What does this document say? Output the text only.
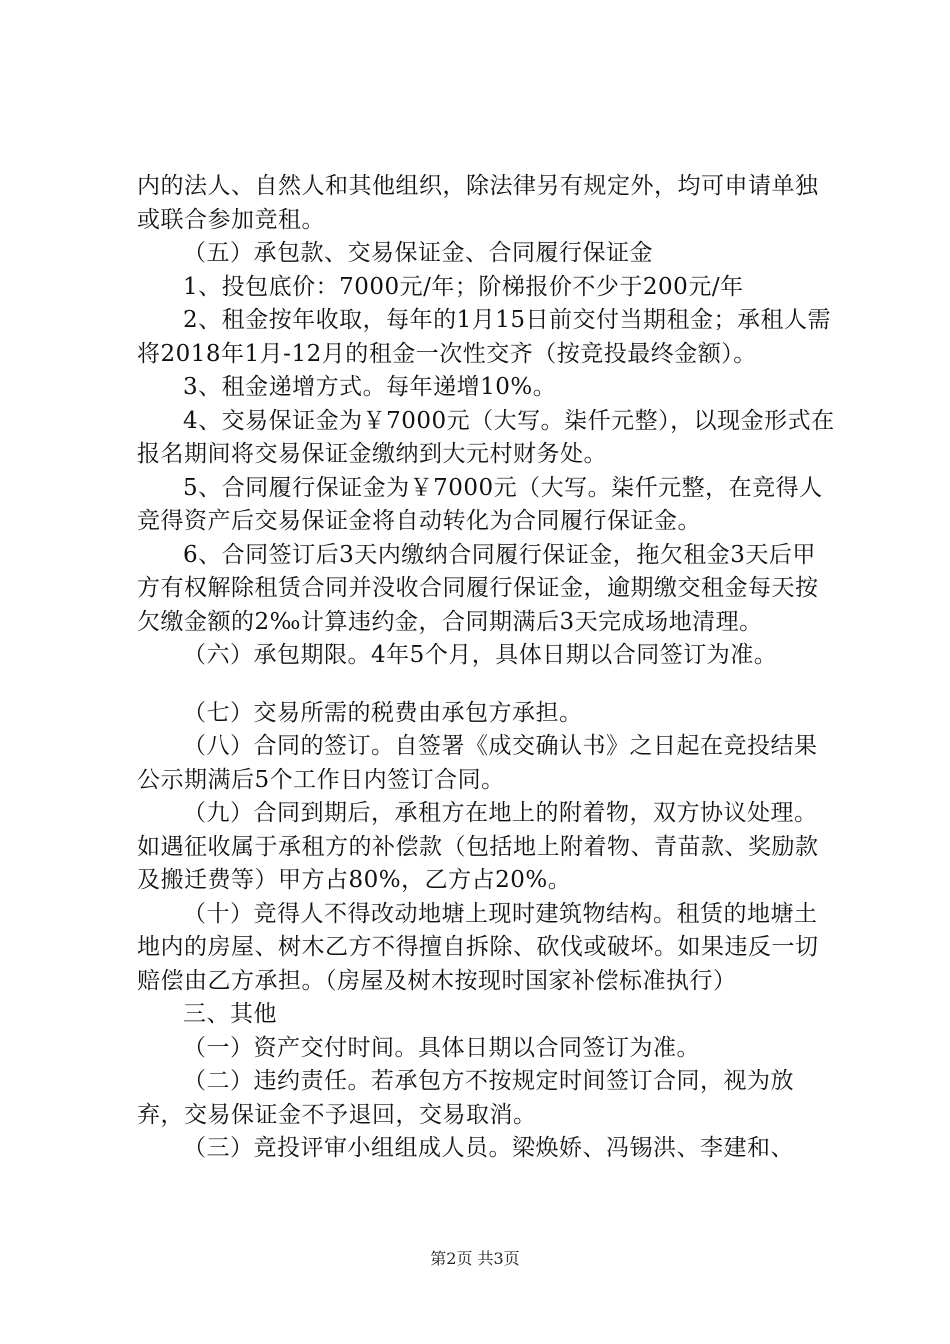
内的法人、自然人和其他组织，除法律另有规定外，均可申请单独或联合参加竞租。

（五）承包款、交易保证金、合同履行保证金

1、投包底价：7000元/年；阶梯报价不少于200元/年

2、租金按年收取，每年的1月15日前交付当期租金；承租人需将2018年1月-12月的租金一次性交齐（按竞投最终金额）。

3、租金递增方式。每年递增10%。

4、交易保证金为￥7000元（大写。柒仟元整），以现金形式在报名期间将交易保证金缴纳到大元村财务处。

5、合同履行保证金为￥7000元（大写。柒仟元整，在竞得人竞得资产后交易保证金将自动转化为合同履行保证金。

6、合同签订后3天内缴纳合同履行保证金，拖欠租金3天后甲方有权解除租赁合同并没收合同履行保证金，逾期缴交租金每天按欠缴金额的2‰计算违约金，合同期满后3天完成场地清理。

（六）承包期限。4年5个月，具体日期以合同签订为准。

（七）交易所需的税费由承包方承担。

（八）合同的签订。自签署《成交确认书》之日起在竞投结果公示期满后5个工作日内签订合同。

（九）合同到期后，承租方在地上的附着物，双方协议处理。如遇征收属于承租方的补偿款（包括地上附着物、青苗款、奖励款及搬迁费等）甲方占80%，乙方占20%。

（十）竞得人不得改动地塘上现时建筑物结构。租赁的地塘土地内的房屋、树木乙方不得擅自拆除、砍伐或破坏。如果违反一切赔偿由乙方承担。（房屋及树木按现时国家补偿标准执行）

三、其他

（一）资产交付时间。具体日期以合同签订为准。

（二）违约责任。若承包方不按规定时间签订合同，视为放弃，交易保证金不予退回，交易取消。

（三）竞投评审小组组成人员。梁焕娇、冯锡洪、李建和、

第2页 共3页
